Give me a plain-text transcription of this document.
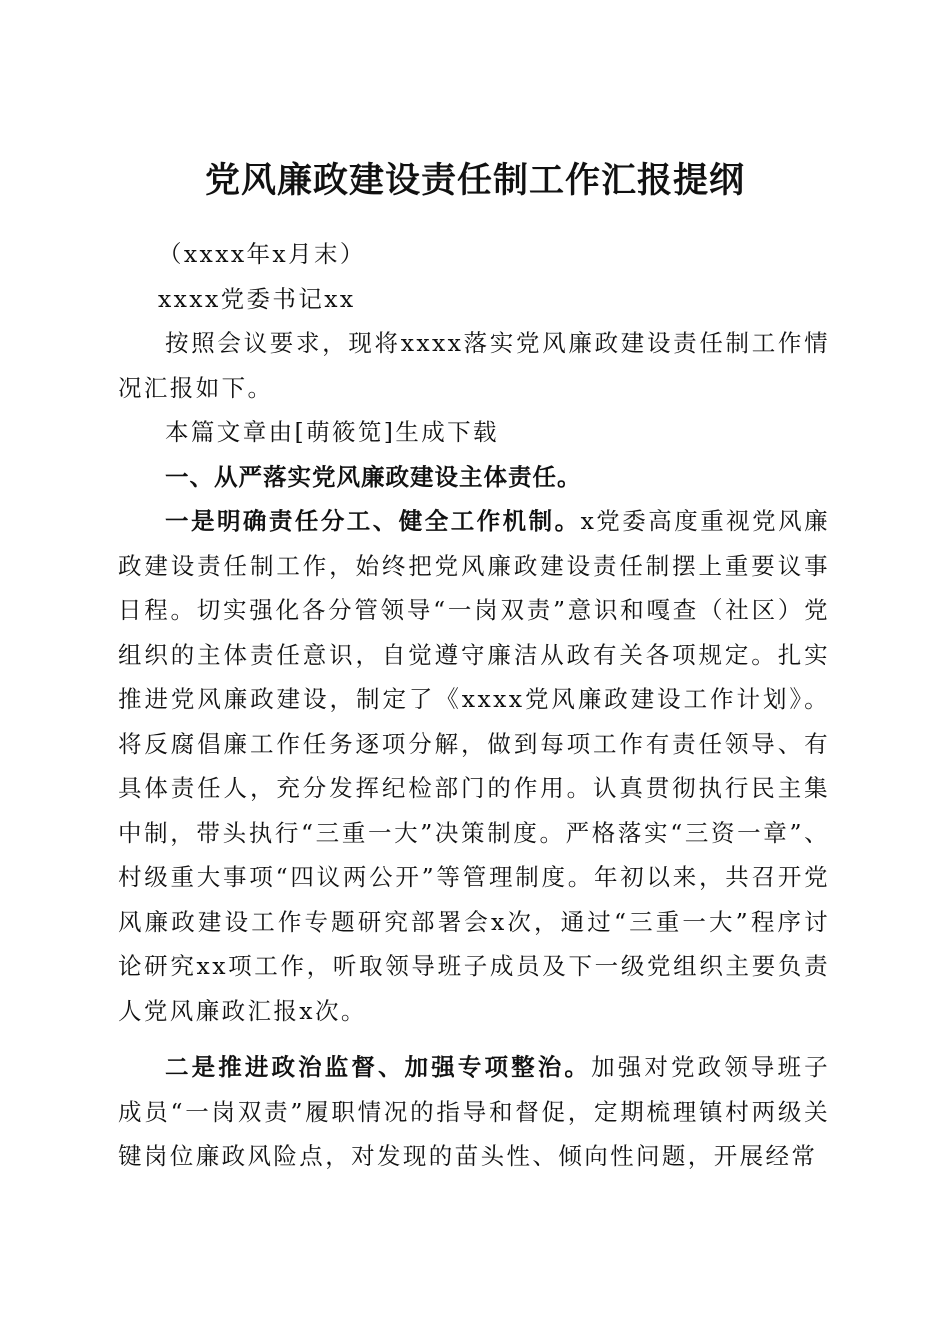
党风廉政建设责任制工作汇报提纲

（xxxx年x月末）

xxxx党委书记xx

按照会议要求，现将xxxx落实党风廉政建设责任制工作情况汇报如下。

本篇文章由[萌筱笕]生成下载

一、从严落实党风廉政建设主体责任。

一是明确责任分工、健全工作机制。x党委高度重视党风廉政建设责任制工作，始终把党风廉政建设责任制摆上重要议事日程。切实强化各分管领导“一岗双责”意识和嘎查（社区）党组织的主体责任意识，自觉遵守廉洁从政有关各项规定。扎实推进党风廉政建设，制定了《xxxx党风廉政建设工作计划》。将反腐倡廉工作任务逐项分解，做到每项工作有责任领导、有具体责任人，充分发挥纪检部门的作用。认真贯彻执行民主集中制，带头执行“三重一大”决策制度。严格落实“三资一章”、村级重大事项“四议两公开”等管理制度。年初以来，共召开党风廉政建设工作专题研究部署会x次，通过“三重一大”程序讨论研究xx项工作，听取领导班子成员及下一级党组织主要负责人党风廉政汇报x次。

二是推进政治监督、加强专项整治。加强对党政领导班子成员“一岗双责”履职情况的指导和督促，定期梳理镇村两级关键岗位廉政风险点，对发现的苗头性、倾向性问题，开展经常
